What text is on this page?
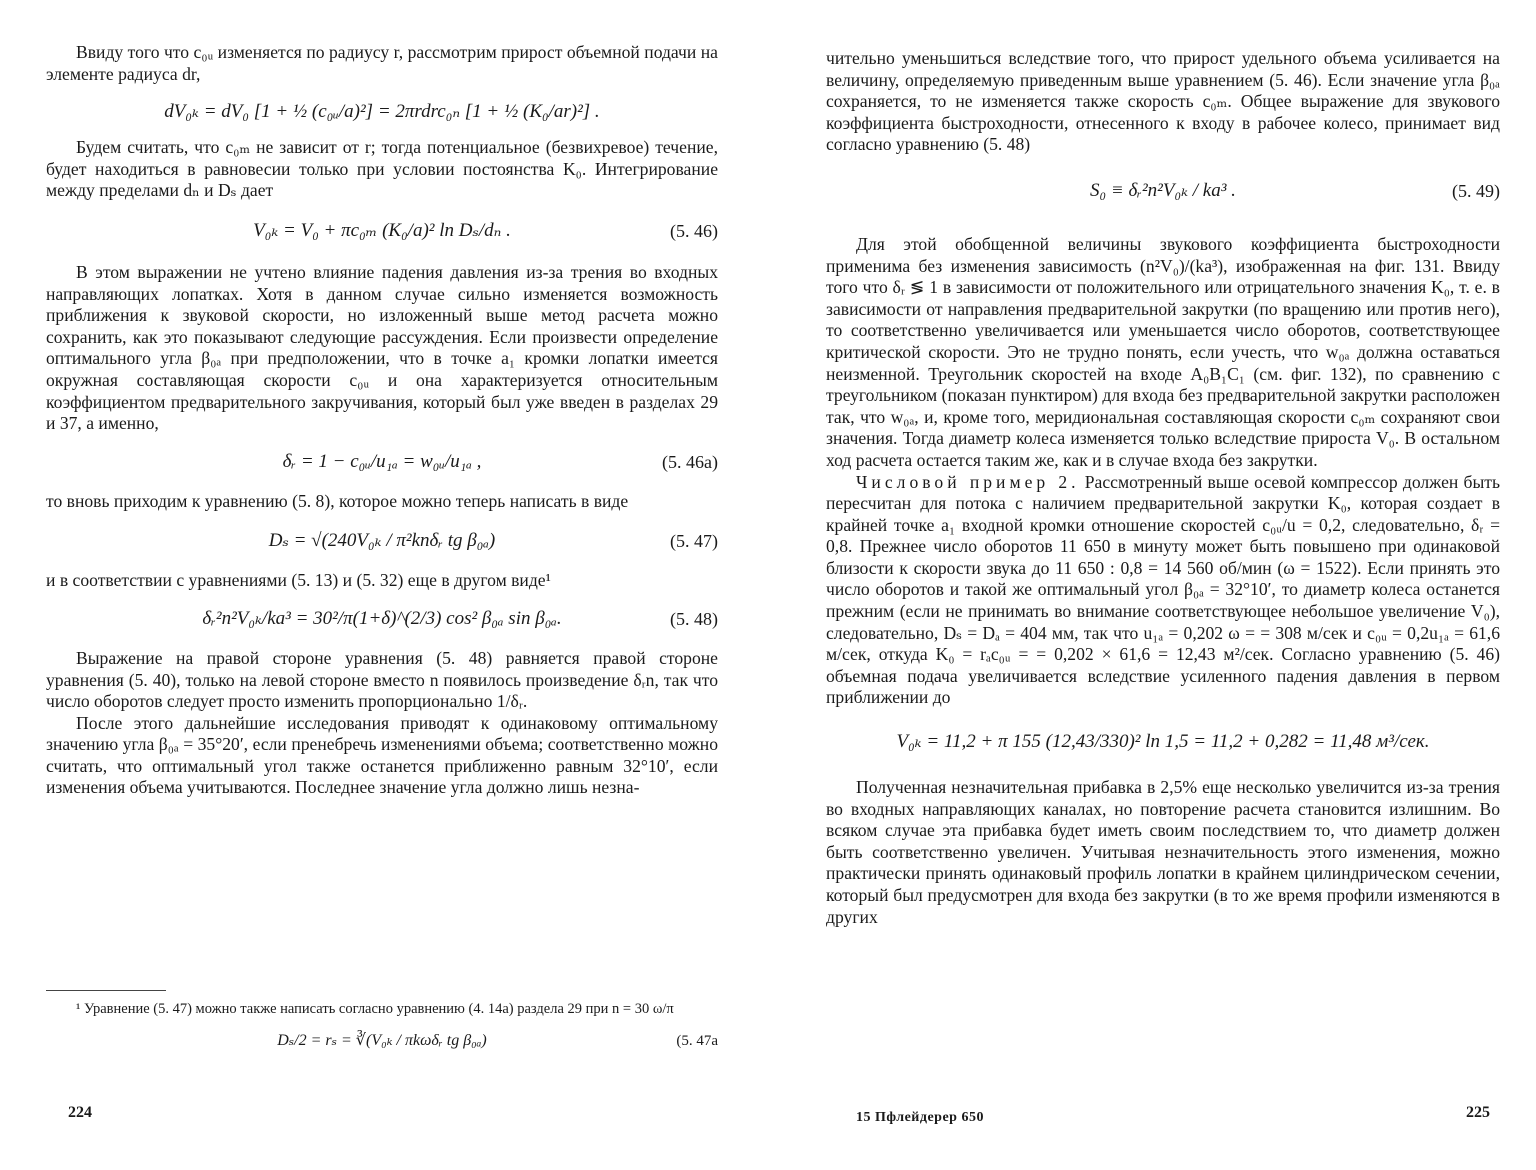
Ввиду того что c₀ᵤ изменяется по радиусу r, рассмотрим прирост объемной подачи на элементе радиуса dr,

dV₀ₖ = dV₀ [1 + ½ (c₀ᵤ/a)²] = 2πrdrc₀ₙ [1 + ½ (K₀/ar)²] .

Будем считать, что c₀ₘ не зависит от r; тогда потенциальное (безвихревое) течение, будет находиться в равновесии только при условии постоянства K₀. Интегрирование между пределами dₙ и Dₛ дает

V₀ₖ = V₀ + πc₀ₘ (K₀/a)² ln Dₛ/dₙ .	(5. 46)

В этом выражении не учтено влияние падения давления из-за трения во входных направляющих лопатках. Хотя в данном случае сильно изменяется возможность приближения к звуковой скорости, но изложенный выше метод расчета можно сохранить, как это показывают следующие рассуждения. Если произвести определение оптимального угла β₀ₐ при предположении, что в точке a₁ кромки лопатки имеется окружная составляющая скорости c₀ᵤ и она характеризуется относительным коэффициентом предварительного закручивания, который был уже введен в разделах 29 и 37, а именно,

δᵣ = 1 − c₀ᵤ/u₁ₐ = w₀ᵤ/u₁ₐ ,	(5. 46а)

то вновь приходим к уравнению (5. 8), которое можно теперь написать в виде

Dₛ = √(240V₀ₖ / π²knδᵣ tg β₀ₐ)	(5. 47)

и в соответствии с уравнениями (5. 13) и (5. 32) еще в другом виде¹

δᵣ²n²V₀ₖ/ka³ = 30²/π(1+δ)^(2/3) cos² β₀ₐ sin β₀ₐ.	(5. 48)

Выражение на правой стороне уравнения (5. 48) равняется правой стороне уравнения (5. 40), только на левой стороне вместо n появилось произведение δᵣn, так что число оборотов следует просто изменить пропорционально 1/δᵣ.

После этого дальнейшие исследования приводят к одинаковому оптимальному значению угла β₀ₐ = 35°20′, если пренебречь изменениями объема; соответственно можно считать, что оптимальный угол также останется приближенно равным 32°10′, если изменения объема учитываются. Последнее значение угла должно лишь незна-

¹ Уравнение (5. 47) можно также написать согласно уравнению (4. 14а) раздела 29 при n = 30 ω/π

Dₛ/2 = rₛ = ∛(V₀ₖ / πkωδᵣ tg β₀ₐ)	(5. 47а
224

чительно уменьшиться вследствие того, что прирост удельного объема усиливается на величину, определяемую приведенным выше уравнением (5. 46). Если значение угла β₀ₐ сохраняется, то не изменяется также скорость c₀ₘ. Общее выражение для звукового коэффициента быстроходности, отнесенного к входу в рабочее колесо, принимает вид согласно уравнению (5. 48)

S₀ ≡ δᵣ²n²V₀ₖ / ka³ .	(5. 49)

Для этой обобщенной величины звукового коэффициента быстроходности применима без изменения зависимость (n²V₀)/(ka³), изображенная на фиг. 131. Ввиду того что δᵣ ≶ 1 в зависимости от положительного или отрицательного значения K₀, т. е. в зависимости от направления предварительной закрутки (по вращению или против него), то соответственно увеличивается или уменьшается число оборотов, соответствующее критической скорости. Это не трудно понять, если учесть, что w₀ₐ должна оставаться неизменной. Треугольник скоростей на входе A₀B₁C₁ (см. фиг. 132), по сравнению с треугольником (показан пунктиром) для входа без предварительной закрутки расположен так, что w₀ₐ, и, кроме того, меридиональная составляющая скорости c₀ₘ сохраняют свои значения. Тогда диаметр колеса изменяется только вследствие прироста V₀. В остальном ход расчета остается таким же, как и в случае входа без закрутки.

Числовой пример 2. Рассмотренный выше осевой компрессор должен быть пересчитан для потока с наличием предварительной закрутки K₀, которая создает в крайней точке a₁ входной кромки отношение скоростей c₀ᵤ/u = 0,2, следовательно, δᵣ = 0,8. Прежнее число оборотов 11 650 в минуту может быть повышено при одинаковой близости к скорости звука до 11 650 : 0,8 = 14 560 об/мин (ω = 1522). Если принять это число оборотов и такой же оптимальный угол β₀ₐ = 32°10′, то диаметр колеса останется прежним (если не принимать во внимание соответствующее небольшое увеличение V₀), следовательно, Dₛ = Dₐ = 404 мм, так что u₁ₐ = 0,202 ω = = 308 м/сек и c₀ᵤ = 0,2u₁ₐ = 61,6 м/сек, откуда K₀ = rₐc₀ᵤ = = 0,202 × 61,6 = 12,43 м²/сек. Согласно уравнению (5. 46) объемная подача увеличивается вследствие усиленного падения давления в первом приближении до

V₀ₖ = 11,2 + π 155 (12,43/330)² ln 1,5 = 11,2 + 0,282 = 11,48 м³/сек.

Полученная незначительная прибавка в 2,5% еще несколько увеличится из-за трения во входных направляющих каналах, но повторение расчета становится излишним. Во всяком случае эта прибавка будет иметь своим последствием то, что диаметр должен быть соответственно увеличен. Учитывая незначительность этого изменения, можно практически принять одинаковый профиль лопатки в крайнем цилиндрическом сечении, который был предусмотрен для входа без закрутки (в то же время профили изменяются в других

15 Пфлейдерер 650	225
